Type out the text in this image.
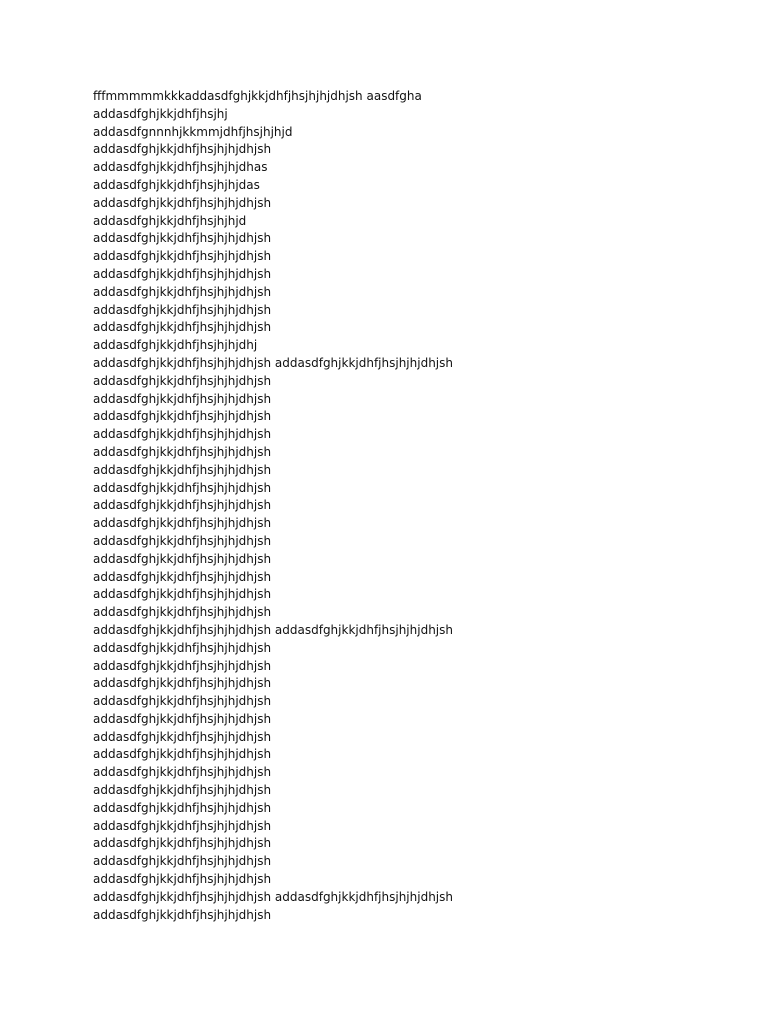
fffmmmmmkkkaddasdfghjkkjdhfjhsjhjhjdhjsh aasdfgha
addasdfghjkkjdhfjhsjhj
addasdfgnnnhjkkmmjdhfjhsjhjhjd
addasdfghjkkjdhfjhsjhjhjdhjsh
addasdfghjkkjdhfjhsjhjhjdhas
addasdfghjkkjdhfjhsjhjhjdas
addasdfghjkkjdhfjhsjhjhjdhjsh
addasdfghjkkjdhfjhsjhjhjd
addasdfghjkkjdhfjhsjhjhjdhjsh
addasdfghjkkjdhfjhsjhjhjdhjsh
addasdfghjkkjdhfjhsjhjhjdhjsh
addasdfghjkkjdhfjhsjhjhjdhjsh
addasdfghjkkjdhfjhsjhjhjdhjsh
addasdfghjkkjdhfjhsjhjhjdhjsh
addasdfghjkkjdhfjhsjhjhjdhj
addasdfghjkkjdhfjhsjhjhjdhjsh addasdfghjkkjdhfjhsjhjhjdhjsh
addasdfghjkkjdhfjhsjhjhjdhjsh
addasdfghjkkjdhfjhsjhjhjdhjsh
addasdfghjkkjdhfjhsjhjhjdhjsh
addasdfghjkkjdhfjhsjhjhjdhjsh
addasdfghjkkjdhfjhsjhjhjdhjsh
addasdfghjkkjdhfjhsjhjhjdhjsh
addasdfghjkkjdhfjhsjhjhjdhjsh
addasdfghjkkjdhfjhsjhjhjdhjsh
addasdfghjkkjdhfjhsjhjhjdhjsh
addasdfghjkkjdhfjhsjhjhjdhjsh
addasdfghjkkjdhfjhsjhjhjdhjsh
addasdfghjkkjdhfjhsjhjhjdhjsh
addasdfghjkkjdhfjhsjhjhjdhjsh
addasdfghjkkjdhfjhsjhjhjdhjsh
addasdfghjkkjdhfjhsjhjhjdhjsh addasdfghjkkjdhfjhsjhjhjdhjsh
addasdfghjkkjdhfjhsjhjhjdhjsh
addasdfghjkkjdhfjhsjhjhjdhjsh
addasdfghjkkjdhfjhsjhjhjdhjsh
addasdfghjkkjdhfjhsjhjhjdhjsh
addasdfghjkkjdhfjhsjhjhjdhjsh
addasdfghjkkjdhfjhsjhjhjdhjsh
addasdfghjkkjdhfjhsjhjhjdhjsh
addasdfghjkkjdhfjhsjhjhjdhjsh
addasdfghjkkjdhfjhsjhjhjdhjsh
addasdfghjkkjdhfjhsjhjhjdhjsh
addasdfghjkkjdhfjhsjhjhjdhjsh
addasdfghjkkjdhfjhsjhjhjdhjsh
addasdfghjkkjdhfjhsjhjhjdhjsh
addasdfghjkkjdhfjhsjhjhjdhjsh
addasdfghjkkjdhfjhsjhjhjdhjsh addasdfghjkkjdhfjhsjhjhjdhjsh
addasdfghjkkjdhfjhsjhjhjdhjsh
